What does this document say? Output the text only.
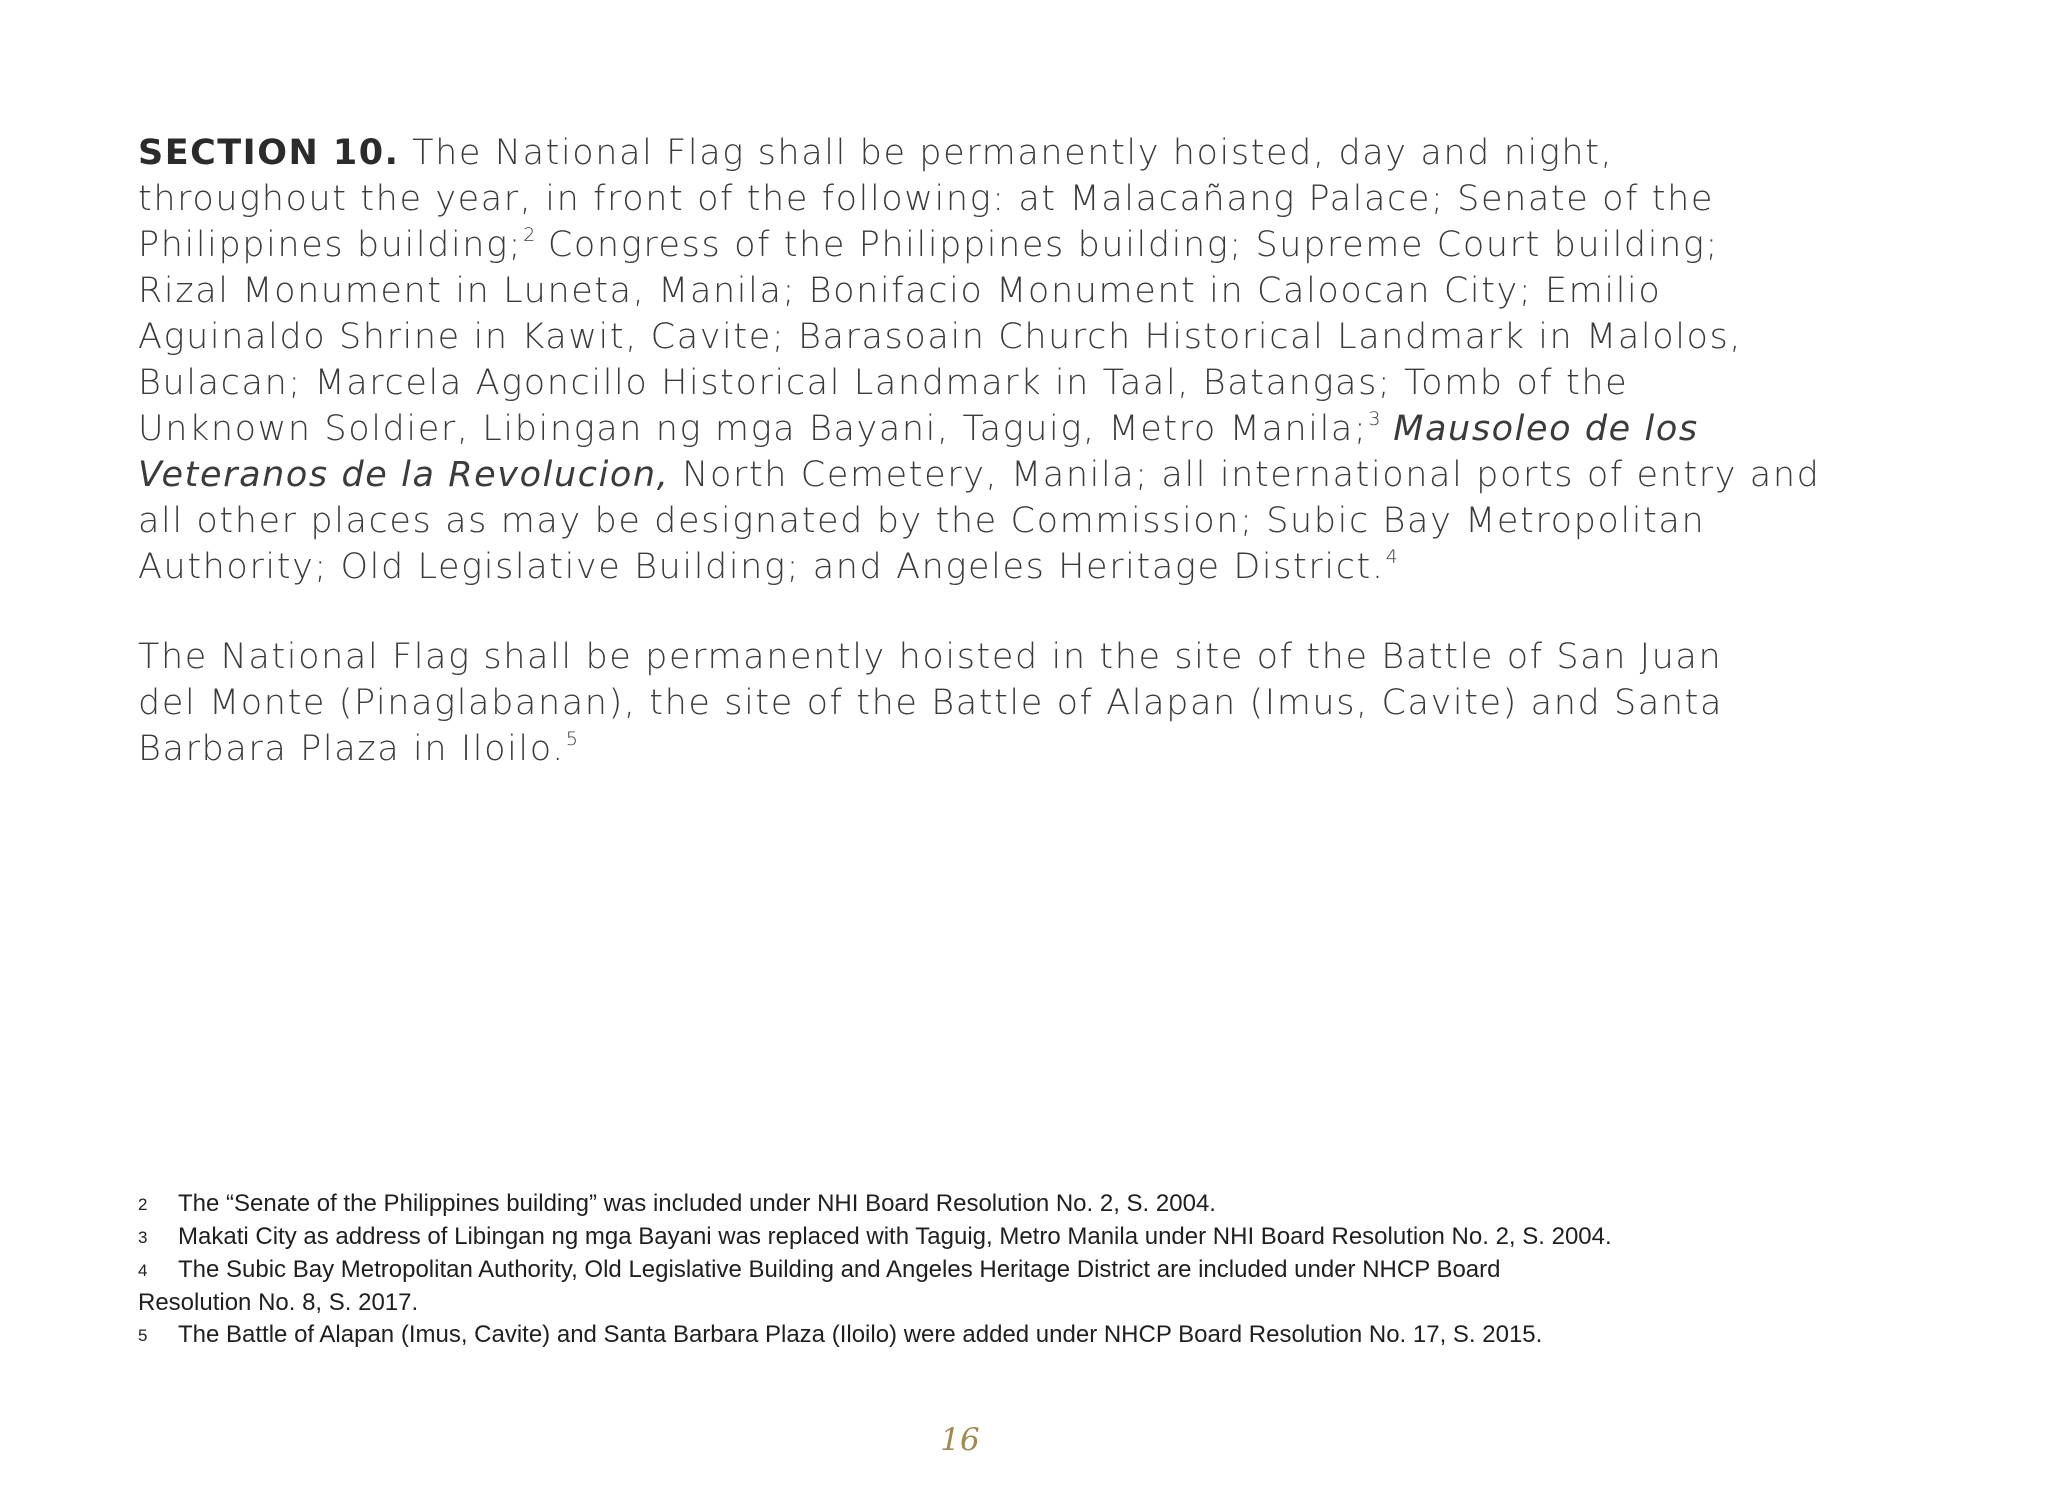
SECTION 10. The National Flag shall be permanently hoisted, day and night,
throughout the year, in front of the following: at Malacañang Palace; Senate of the
Philippines building;$^2$ Congress of the Philippines building; Supreme Court building;
Rizal Monument in Luneta, Manila; Bonifacio Monument in Caloocan City; Emilio
Aguinaldo Shrine in Kawit, Cavite; Barasoain Church Historical Landmark in Malolos,
Bulacan; Marcela Agoncillo Historical Landmark in Taal, Batangas; Tomb of the
Unknown Soldier, Libingan ng mga Bayani, Taguig, Metro Manila;$^3$ Mausoleo de los
Veteranos de la Revolucion, North Cemetery, Manila; all international ports of entry and
all other places as may be designated by the Commission; Subic Bay Metropolitan
Authority; Old Legislative Building; and Angeles Heritage District.$^4$
The National Flag shall be permanently hoisted in the site of the Battle of San Juan
del Monte (Pinaglabanan), the site of the Battle of Alapan (Imus, Cavite) and Santa
Barbara Plaza in Iloilo.$^5$
2 The “Senate of the Philippines building” was included under NHI Board Resolution No. 2, S. 2004.
3 Makati City as address of Libingan ng mga Bayani was replaced with Taguig, Metro Manila under NHI Board Resolution No. 2, S. 2004.
4 The Subic Bay Metropolitan Authority, Old Legislative Building and Angeles Heritage District are included under NHCP Board
Resolution No. 8, S. 2017.
5 The Battle of Alapan (Imus, Cavite) and Santa Barbara Plaza (Iloilo) were added under NHCP Board Resolution No. 17, S. 2015.
16
